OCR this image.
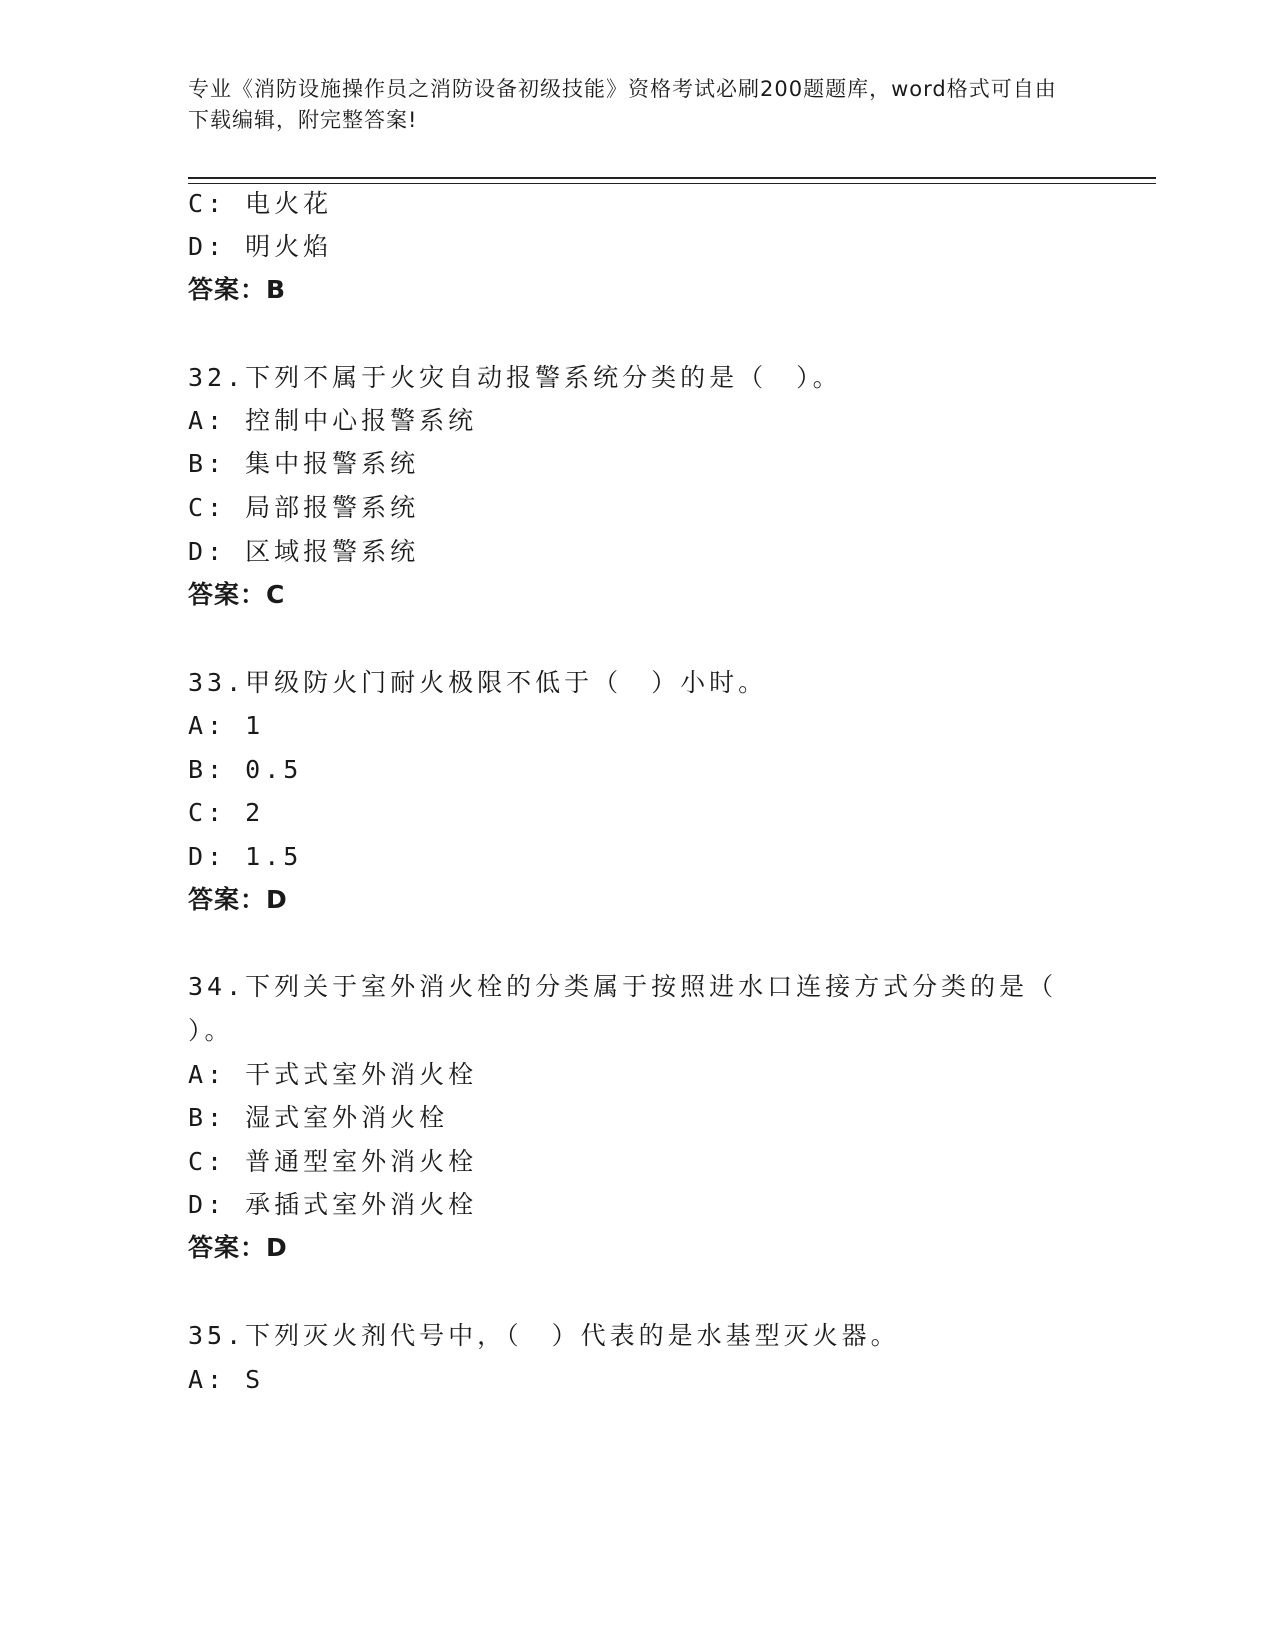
专业《消防设施操作员之消防设备初级技能》资格考试必刷200题题库，word格式可自由下载编辑，附完整答案!
C: 电火花
D: 明火焰
答案：B
32.下列不属于火灾自动报警系统分类的是（　）。
A: 控制中心报警系统
B: 集中报警系统
C: 局部报警系统
D: 区域报警系统
答案：C
33.甲级防火门耐火极限不低于（　）小时。
A: 1
B: 0.5
C: 2
D: 1.5
答案：D
34.下列关于室外消火栓的分类属于按照进水口连接方式分类的是（
）。
A: 干式式室外消火栓
B: 湿式室外消火栓
C: 普通型室外消火栓
D: 承插式室外消火栓
答案：D
35.下列灭火剂代号中，（　）代表的是水基型灭火器。
A: S
